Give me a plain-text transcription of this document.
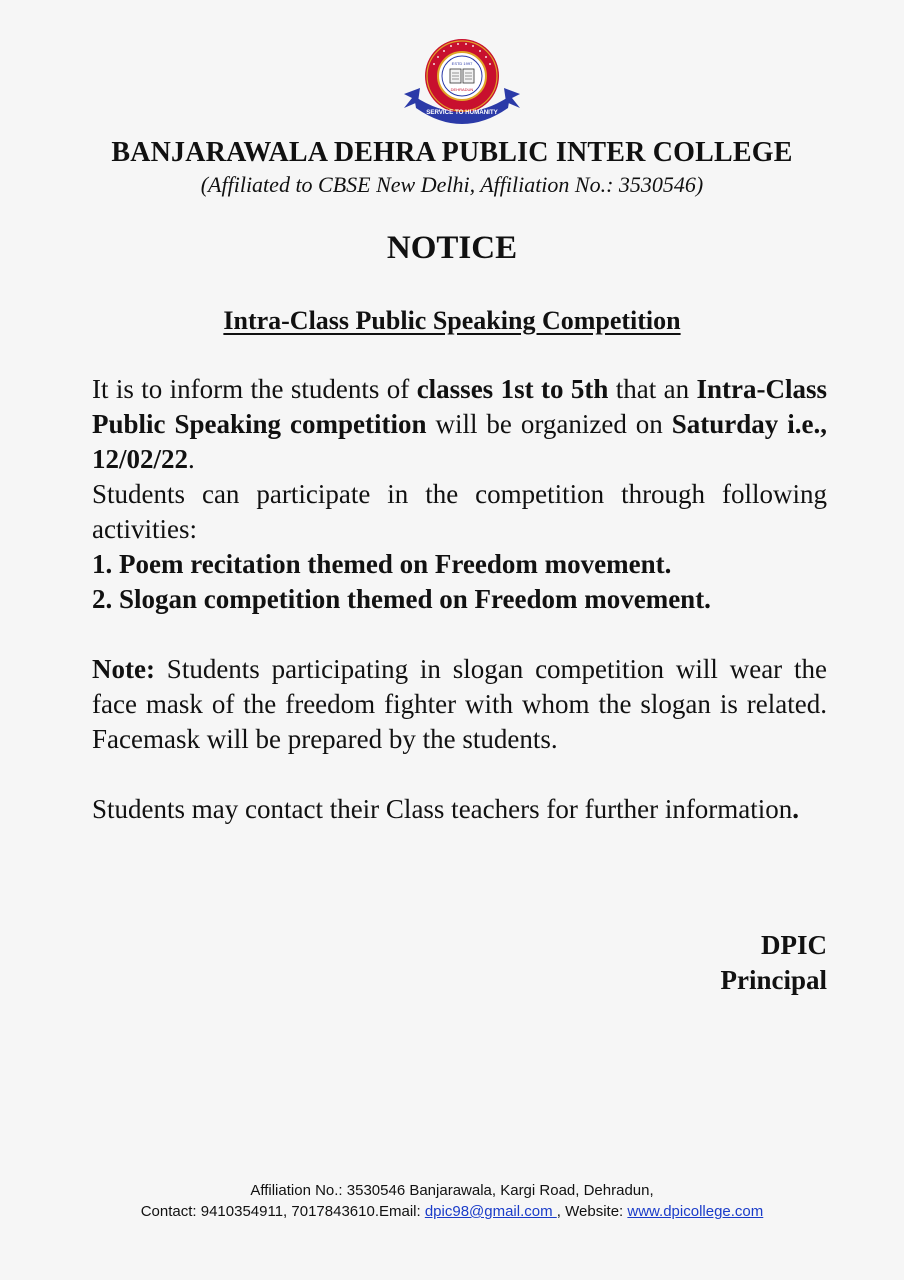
SERVICE TO HUMANITY
ESTD 1997
DEHRADUN
BANJARAWALA DEHRA PUBLIC INTER COLLEGE
(Affiliated to CBSE New Delhi, Affiliation No.: 3530546)
NOTICE
Intra-Class Public Speaking Competition

It is to inform the students of classes 1st to 5th that an Intra-Class Public Speaking competition will be organized on Saturday i.e., 12/02/22.

Students can participate in the competition through following activities:

1. Poem recitation themed on Freedom movement.
2. Slogan competition themed on Freedom movement.

Note: Students participating in slogan competition will wear the face mask of the freedom fighter with whom the slogan is related. Facemask will be prepared by the students.

Students may contact their Class teachers for further information.

DPIC
Principal
Affiliation No.: 3530546 Banjarawala, Kargi Road, Dehradun,
Contact: 9410354911, 7017843610.Email: dpic98@gmail.com , Website: www.dpicollege.com
